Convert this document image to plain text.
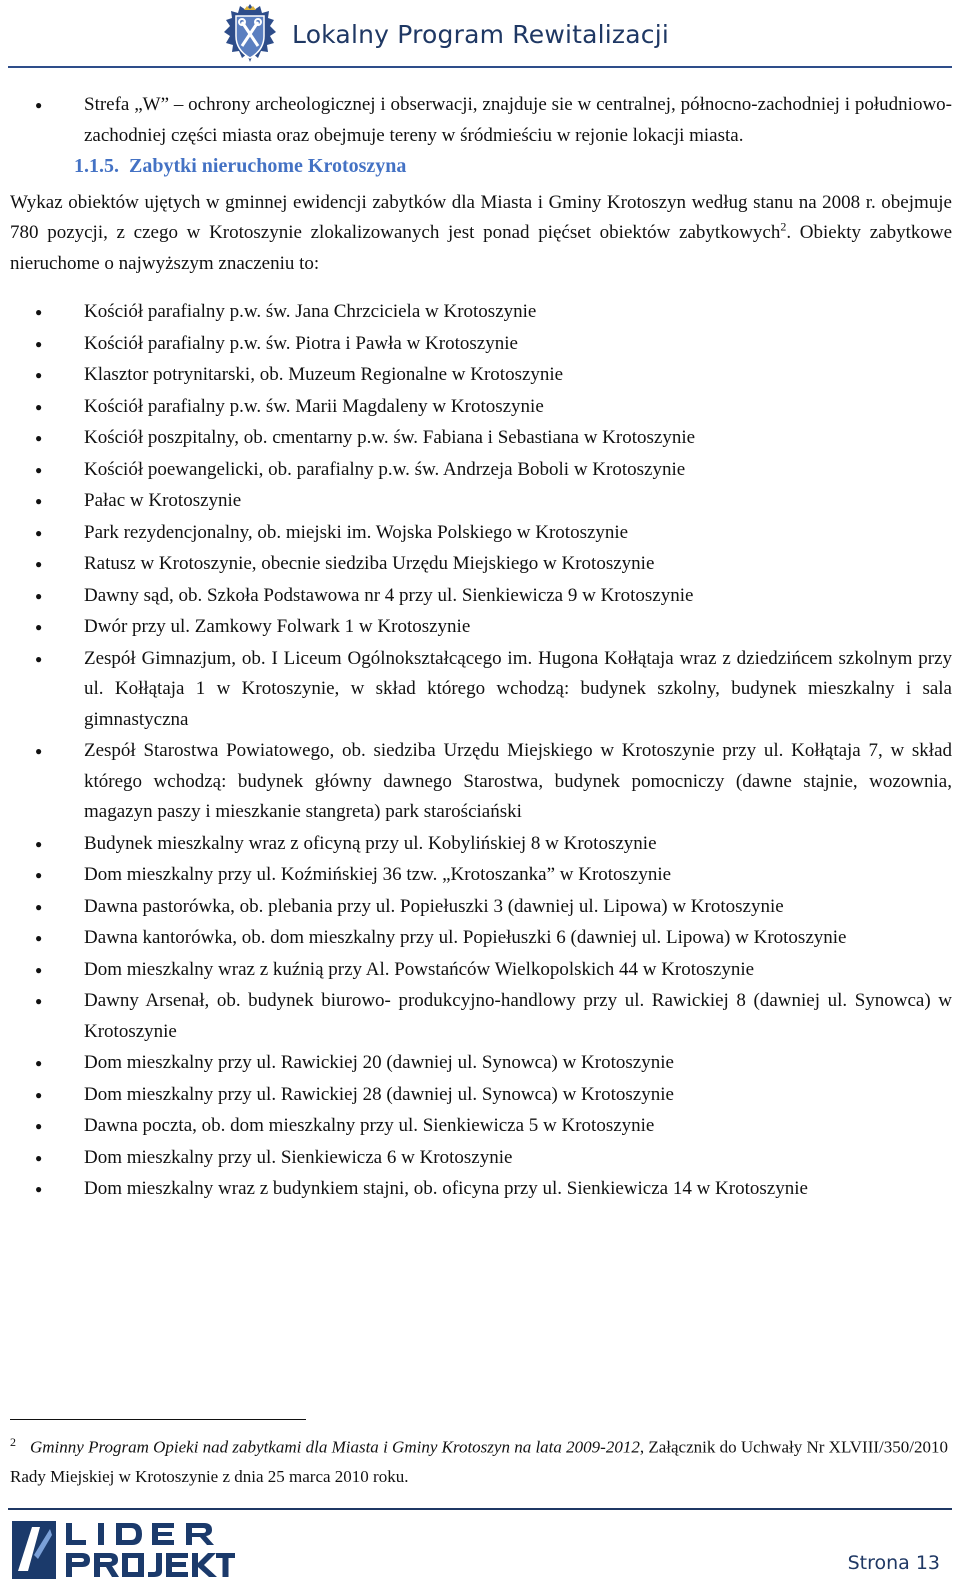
Lokalny Program Rewitalizacji
● Strefa „W” – ochrony archeologicznej i obserwacji, znajduje sie w centralnej, północno-zachodniej i południowo-zachodniej części miasta oraz obejmuje tereny w śródmieściu w rejonie lokacji miasta.
1.1.5. Zabytki nieruchome Krotoszyna

Wykaz obiektów ujętych w gminnej ewidencji zabytków dla Miasta i Gminy Krotoszyn według stanu na 2008 r. obejmuje 780 pozycji, z czego w Krotoszynie zlokalizowanych jest ponad pięćset obiektów zabytkowych$^2$. Obiekty zabytkowe nieruchome o najwyższym znaczeniu to:

● Kościół parafialny p.w. św. Jana Chrzciciela w Krotoszynie
● Kościół parafialny p.w. św. Piotra i Pawła w Krotoszynie
● Klasztor potrynitarski, ob. Muzeum Regionalne w Krotoszynie
● Kościół parafialny p.w. św. Marii Magdaleny w Krotoszynie
● Kościół poszpitalny, ob. cmentarny p.w. św. Fabiana i Sebastiana w Krotoszynie
● Kościół poewangelicki, ob. parafialny p.w. św. Andrzeja Boboli w Krotoszynie
● Pałac w Krotoszynie
● Park rezydencjonalny, ob. miejski im. Wojska Polskiego w Krotoszynie
● Ratusz w Krotoszynie, obecnie siedziba Urzędu Miejskiego w Krotoszynie
● Dawny sąd, ob. Szkoła Podstawowa nr 4 przy ul. Sienkiewicza 9 w Krotoszynie
● Dwór przy ul. Zamkowy Folwark 1 w Krotoszynie
● Zespół Gimnazjum, ob. I Liceum Ogólnokształcącego im. Hugona Kołłątaja wraz z dziedzińcem szkolnym przy ul. Kołłątaja 1 w Krotoszynie, w skład którego wchodzą: budynek szkolny, budynek mieszkalny i sala gimnastyczna
● Zespół Starostwa Powiatowego, ob. siedziba Urzędu Miejskiego w Krotoszynie przy ul. Kołłątaja 7, w skład którego wchodzą: budynek główny dawnego Starostwa, budynek pomocniczy (dawne stajnie, wozownia, magazyn paszy i mieszkanie stangreta) park starościański
● Budynek mieszkalny wraz z oficyną przy ul. Kobylińskiej 8 w Krotoszynie
● Dom mieszkalny przy ul. Koźmińskiej 36 tzw. „Krotoszanka” w Krotoszynie
● Dawna pastorówka, ob. plebania przy ul. Popiełuszki 3 (dawniej ul. Lipowa) w Krotoszynie
● Dawna kantorówka, ob. dom mieszkalny przy ul. Popiełuszki 6 (dawniej ul. Lipowa) w Krotoszynie
● Dom mieszkalny wraz z kuźnią przy Al. Powstańców Wielkopolskich 44 w Krotoszynie
● Dawny Arsenał, ob. budynek biurowo- produkcyjno-handlowy przy ul. Rawickiej 8 (dawniej ul. Synowca) w Krotoszynie
● Dom mieszkalny przy ul. Rawickiej 20 (dawniej ul. Synowca) w Krotoszynie
● Dom mieszkalny przy ul. Rawickiej 28 (dawniej ul. Synowca) w Krotoszynie
● Dawna poczta, ob. dom mieszkalny przy ul. Sienkiewicza 5 w Krotoszynie
● Dom mieszkalny przy ul. Sienkiewicza 6 w Krotoszynie
● Dom mieszkalny wraz z budynkiem stajni, ob. oficyna przy ul. Sienkiewicza 14 w Krotoszynie
$^2$ Gminny Program Opieki nad zabytkami dla Miasta i Gminy Krotoszyn na lata 2009-2012, Załącznik do Uchwały Nr XLVIII/350/2010 Rady Miejskiej w Krotoszynie z dnia 25 marca 2010 roku.
Strona 13
